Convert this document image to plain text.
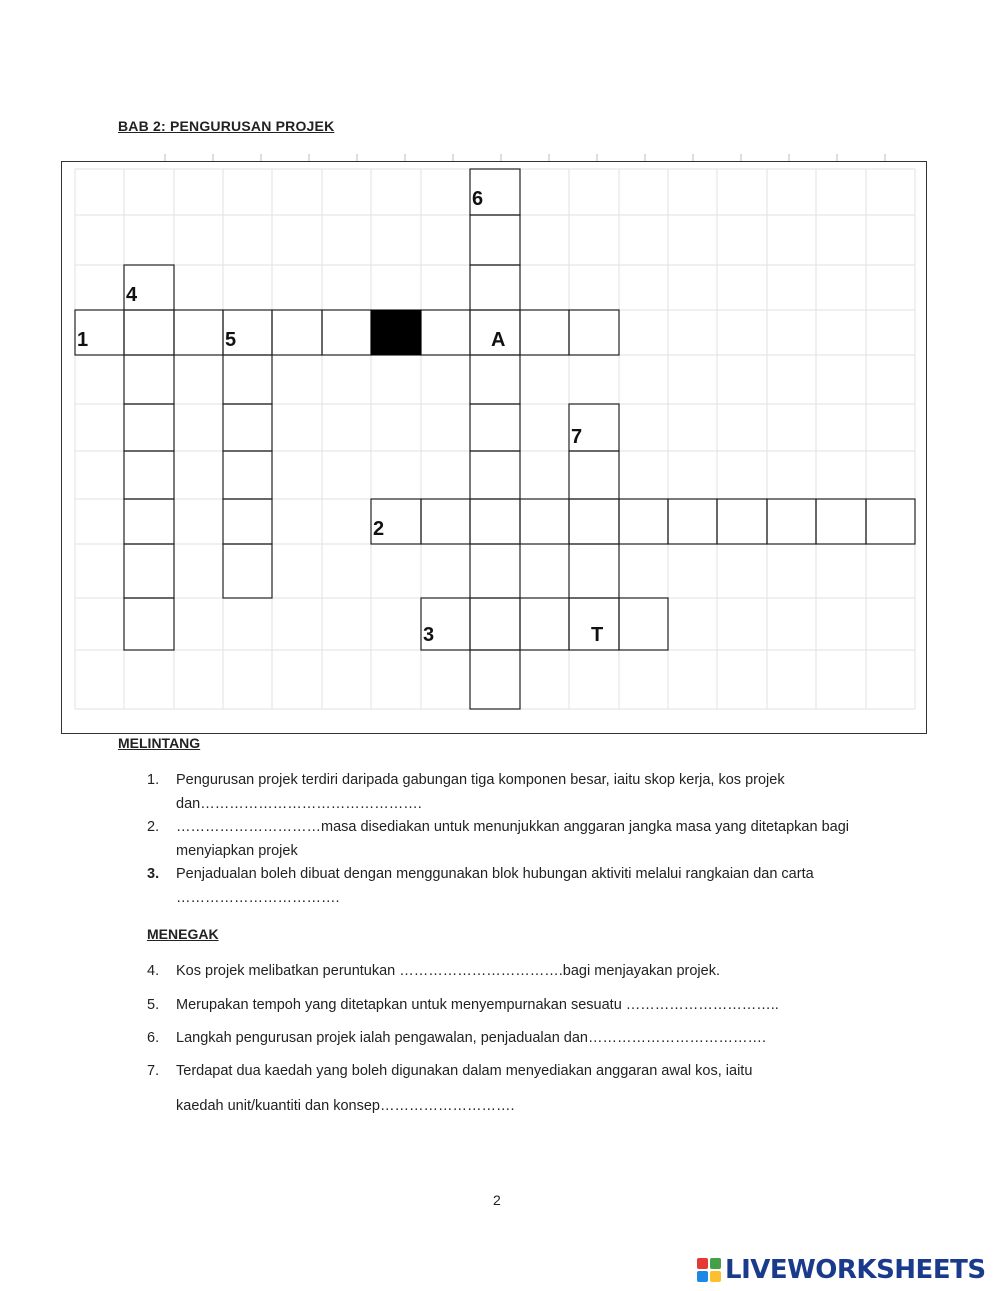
BAB 2: PENGURUSAN PROJEK
6
4
1	5	A
7
2
3	T
MELINTANG
1. Pengurusan projek terdiri daripada gabungan tiga komponen besar, iaitu skop kerja, kos projek dan……………………………………….
2. …………………………masa disediakan untuk menunjukkan anggaran jangka masa yang ditetapkan bagi menyiapkan projek
3. Penjadualan boleh dibuat dengan menggunakan blok hubungan aktiviti melalui rangkaian dan carta …………………………….
MENEGAK
4. Kos projek melibatkan peruntukan …………………………….bagi menjayakan projek.
5. Merupakan tempoh yang ditetapkan untuk menyempurnakan sesuatu …………………………..
6. Langkah pengurusan projek ialah pengawalan, penjadualan dan……………………………….
7. Terdapat dua kaedah yang boleh digunakan dalam menyediakan anggaran awal kos, iaitu
kaedah unit/kuantiti dan konsep……………………….
2
LIVEWORKSHEETS
